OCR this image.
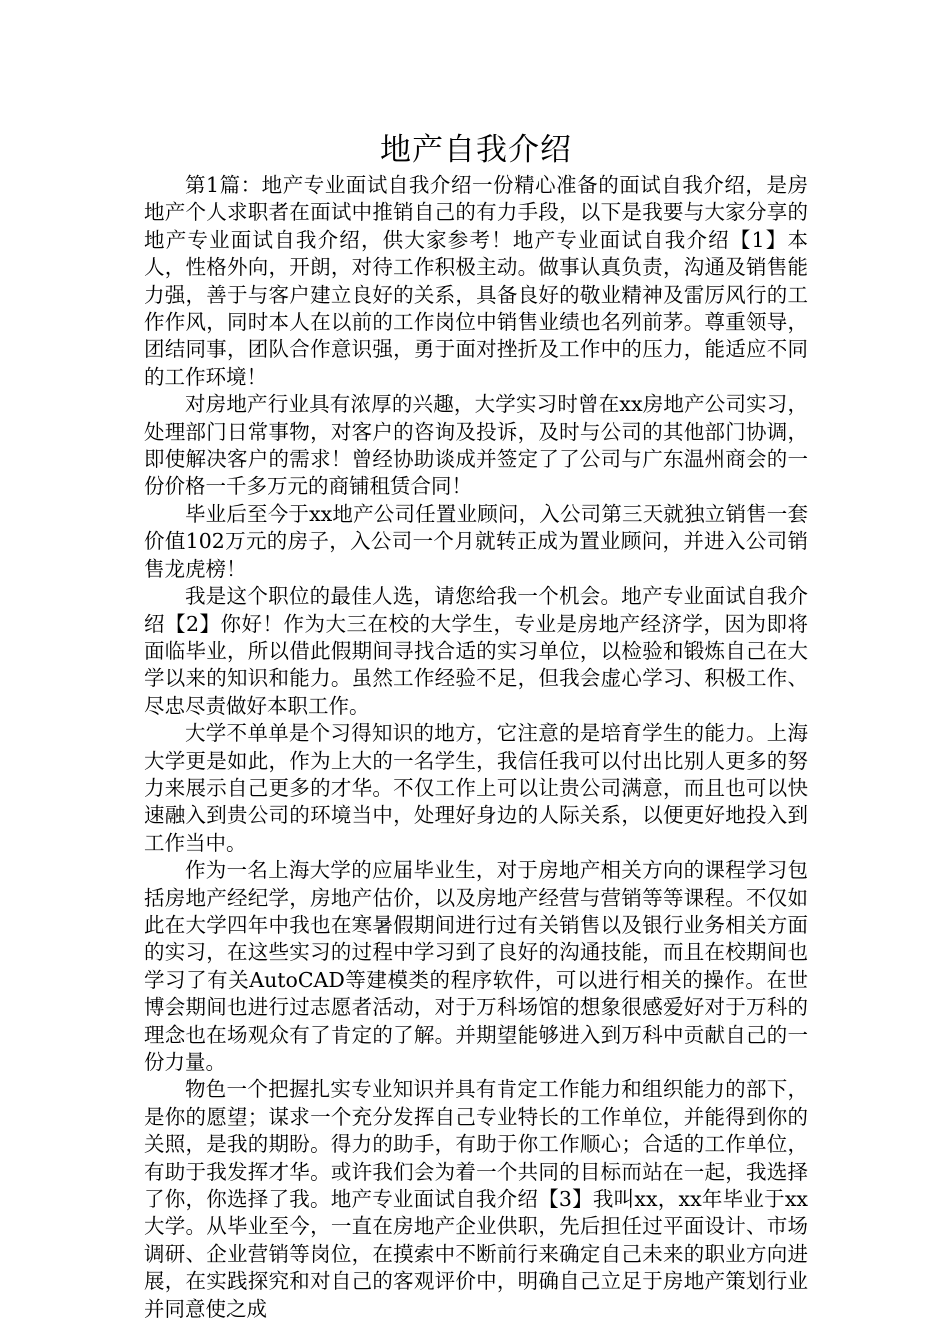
地产自我介绍

第1篇：地产专业面试自我介绍一份精心准备的面试自我介绍，是房地产个人求职者在面试中推销自己的有力手段，以下是我要与大家分享的地产专业面试自我介绍，供大家参考！地产专业面试自我介绍【1】本人，性格外向，开朗，对待工作积极主动。做事认真负责，沟通及销售能力强，善于与客户建立良好的关系，具备良好的敬业精神及雷厉风行的工作作风，同时本人在以前的工作岗位中销售业绩也名列前茅。尊重领导，团结同事，团队合作意识强，勇于面对挫折及工作中的压力，能适应不同的工作环境！

对房地产行业具有浓厚的兴趣，大学实习时曾在xx房地产公司实习，处理部门日常事物，对客户的咨询及投诉，及时与公司的其他部门协调，即使解决客户的需求！曾经协助谈成并签定了了公司与广东温州商会的一份价格一千多万元的商铺租赁合同！

毕业后至今于xx地产公司任置业顾问，入公司第三天就独立销售一套价值102万元的房子，入公司一个月就转正成为置业顾问，并进入公司销售龙虎榜！

我是这个职位的最佳人选，请您给我一个机会。地产专业面试自我介绍【2】你好！作为大三在校的大学生，专业是房地产经济学，因为即将面临毕业，所以借此假期间寻找合适的实习单位，以检验和锻炼自己在大学以来的知识和能力。虽然工作经验不足，但我会虚心学习、积极工作、尽忠尽责做好本职工作。

大学不单单是个习得知识的地方，它注意的是培育学生的能力。上海大学更是如此，作为上大的一名学生，我信任我可以付出比别人更多的努力来展示自己更多的才华。不仅工作上可以让贵公司满意，而且也可以快速融入到贵公司的环境当中，处理好身边的人际关系，以便更好地投入到工作当中。

作为一名上海大学的应届毕业生，对于房地产相关方向的课程学习包括房地产经纪学，房地产估价，以及房地产经营与营销等等课程。不仅如此在大学四年中我也在寒暑假期间进行过有关销售以及银行业务相关方面的实习，在这些实习的过程中学习到了良好的沟通技能，而且在校期间也学习了有关AutoCAD等建模类的程序软件，可以进行相关的操作。在世博会期间也进行过志愿者活动，对于万科场馆的想象很感爱好对于万科的理念也在场观众有了肯定的了解。并期望能够进入到万科中贡献自己的一份力量。

物色一个把握扎实专业知识并具有肯定工作能力和组织能力的部下，是你的愿望；谋求一个充分发挥自己专业特长的工作单位，并能得到你的关照，是我的期盼。得力的助手，有助于你工作顺心；合适的工作单位，有助于我发挥才华。或许我们会为着一个共同的目标而站在一起，我选择了你，你选择了我。地产专业面试自我介绍【3】我叫xx，xx年毕业于xx大学。从毕业至今，一直在房地产企业供职，先后担任过平面设计、市场调研、企业营销等岗位，在摸索中不断前行来确定自己未来的职业方向进展，在实践探究和对自己的客观评价中，明确自己立足于房地产策划行业并同意使之成
